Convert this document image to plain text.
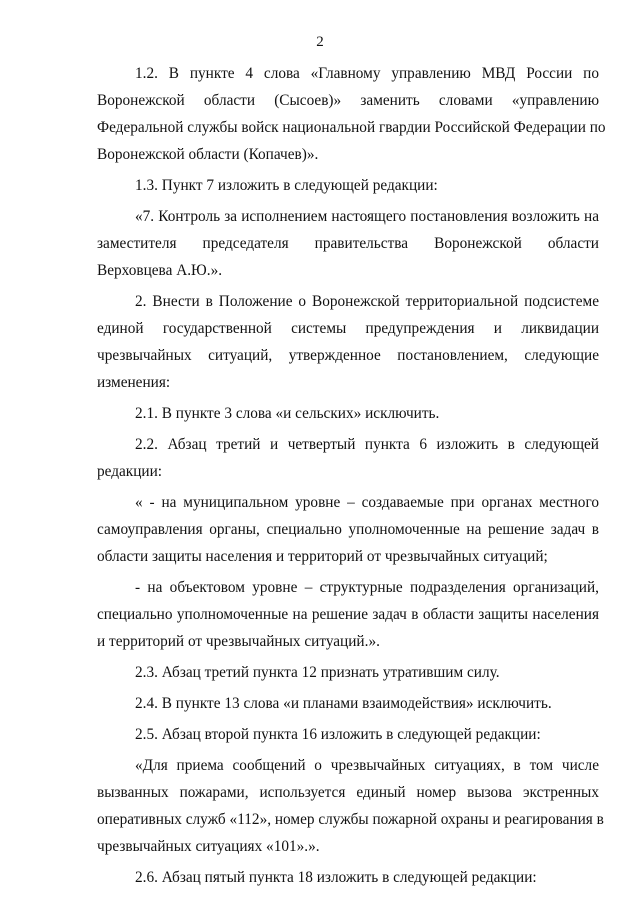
2
1.2. В пункте 4 слова «Главному управлению МВД России по
Воронежской области (Сысоев)» заменить словами «управлению
Федеральной службы войск национальной гвардии Российской Федерации по
Воронежской области (Копачев)».
1.3. Пункт 7 изложить в следующей редакции:
«7. Контроль за исполнением настоящего постановления возложить на
заместителя председателя правительства Воронежской области
Верховцева А.Ю.».
2. Внести в Положение о Воронежской территориальной подсистеме
единой государственной системы предупреждения и ликвидации
чрезвычайных ситуаций, утвержденное постановлением, следующие
изменения:
2.1. В пункте 3 слова «и сельских» исключить.
2.2. Абзац третий и четвертый пункта 6 изложить в следующей
редакции:
« - на муниципальном уровне – создаваемые при органах местного
самоуправления органы, специально уполномоченные на решение задач в
области защиты населения и территорий от чрезвычайных ситуаций;
- на объектовом уровне – структурные подразделения организаций,
специально уполномоченные на решение задач в области защиты населения
и территорий от чрезвычайных ситуаций.».
2.3. Абзац третий пункта 12 признать утратившим силу.
2.4. В пункте 13 слова «и планами взаимодействия» исключить.
2.5. Абзац второй пункта 16 изложить в следующей редакции:
«Для приема сообщений о чрезвычайных ситуациях, в том числе
вызванных пожарами, используется единый номер вызова экстренных
оперативных служб «112», номер службы пожарной охраны и реагирования в
чрезвычайных ситуациях «101».».
2.6. Абзац пятый пункта 18 изложить в следующей редакции:
